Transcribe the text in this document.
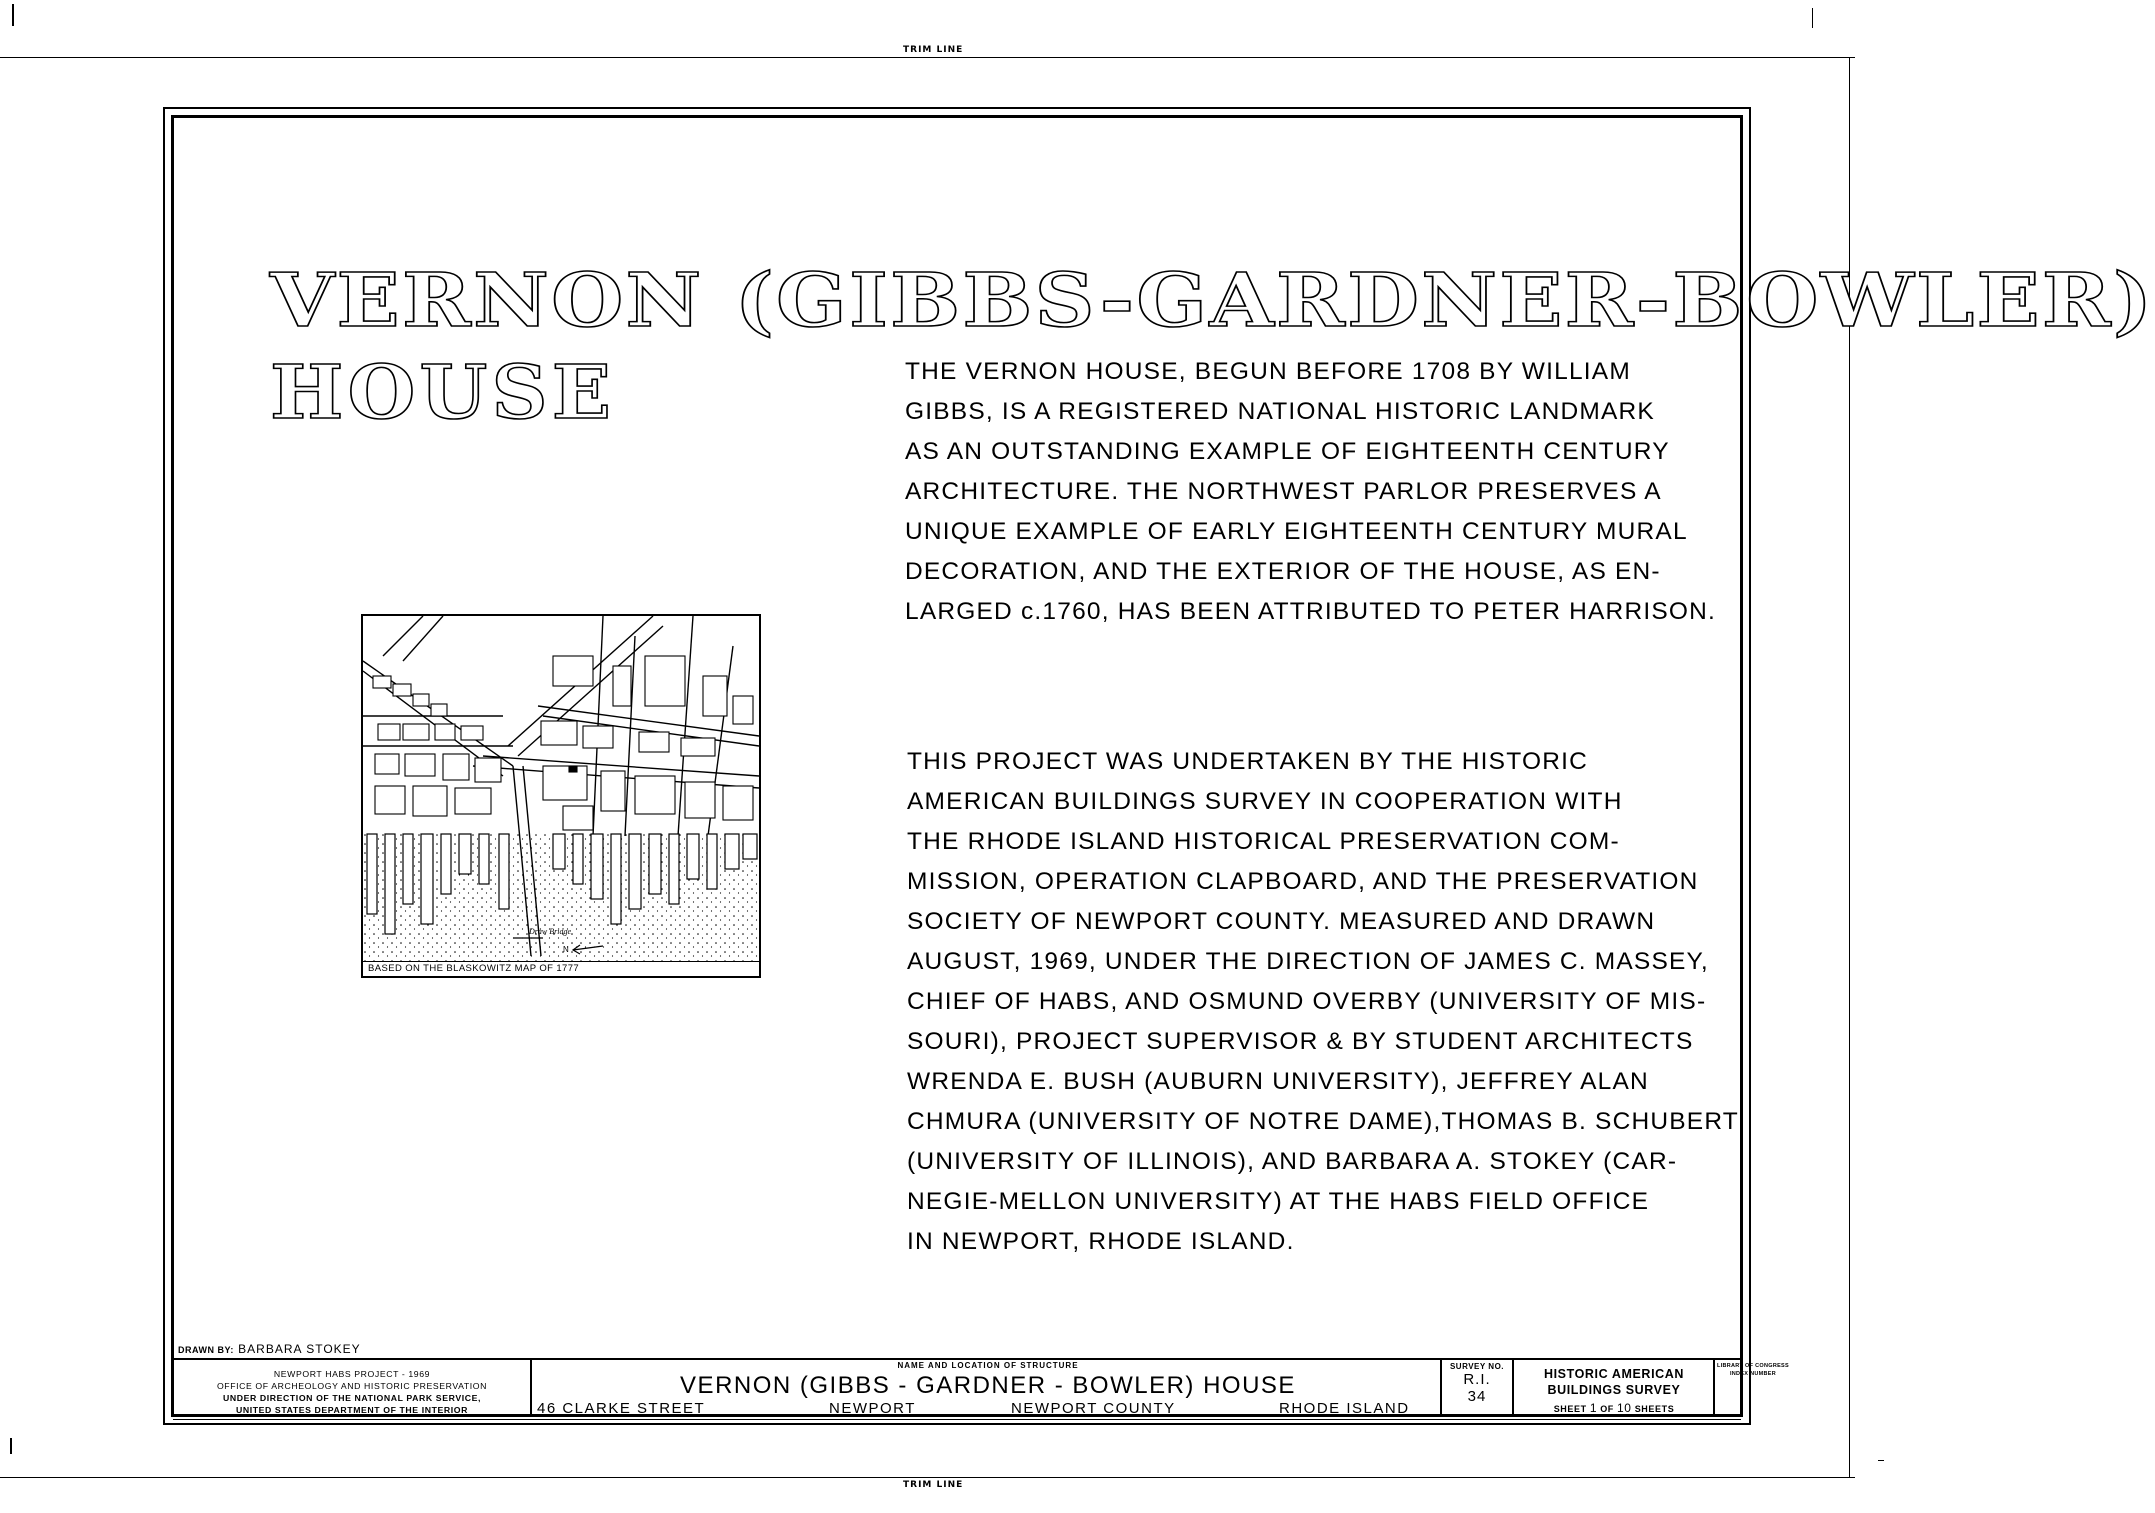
TRIM LINE
TRIM LINE
VERNON (GIBBS-GARDNER-BOWLER)
HOUSE	THE VERNON HOUSE, BEGUN BEFORE 1708 BY WILLIAM
GIBBS, IS A REGISTERED NATIONAL HISTORIC LANDMARK
AS AN OUTSTANDING EXAMPLE OF EIGHTEENTH CENTURY
ARCHITECTURE. THE NORTHWEST PARLOR PRESERVES A
UNIQUE EXAMPLE OF EARLY EIGHTEENTH CENTURY MURAL
DECORATION, AND THE EXTERIOR OF THE HOUSE, AS EN-
LARGED c.1760, HAS BEEN ATTRIBUTED TO PETER HARRISON.
THIS PROJECT WAS UNDERTAKEN BY THE HISTORIC
AMERICAN BUILDINGS SURVEY IN COOPERATION WITH
THE RHODE ISLAND HISTORICAL PRESERVATION COM-
MISSION, OPERATION CLAPBOARD, AND THE PRESERVATION
SOCIETY OF NEWPORT COUNTY. MEASURED AND DRAWN
AUGUST, 1969, UNDER THE DIRECTION OF JAMES C. MASSEY,
CHIEF OF HABS, AND OSMUND OVERBY (UNIVERSITY OF MIS-
SOURI), PROJECT SUPERVISOR & BY STUDENT ARCHITECTS
WRENDA E. BUSH (AUBURN UNIVERSITY), JEFFREY ALAN
CHMURA (UNIVERSITY OF NOTRE DAME),THOMAS B. SCHUBERT
(UNIVERSITY OF ILLINOIS), AND BARBARA A. STOKEY (CAR-
NEGIE-MELLON UNIVERSITY) AT THE HABS FIELD OFFICE
IN NEWPORT, RHODE ISLAND.
Draw Bridge
N
BASED ON THE BLASKOWITZ MAP OF 1777
DRAWN BY: BARBARA STOKEY
NEWPORT HABS PROJECT - 1969
OFFICE OF ARCHEOLOGY AND HISTORIC PRESERVATION
UNDER DIRECTION OF THE NATIONAL PARK SERVICE,
UNITED STATES DEPARTMENT OF THE INTERIOR
NAME AND LOCATION OF STRUCTURE
VERNON (GIBBS - GARDNER - BOWLER) HOUSE
46 CLARKE STREET	NEWPORT	NEWPORT COUNTY	RHODE ISLAND
SURVEY NO.
R.I.
34
HISTORIC AMERICAN
BUILDINGS SURVEY
SHEET 1 OF 10 SHEETS
LIBRARY OF CONGRESS
INDEX NUMBER
